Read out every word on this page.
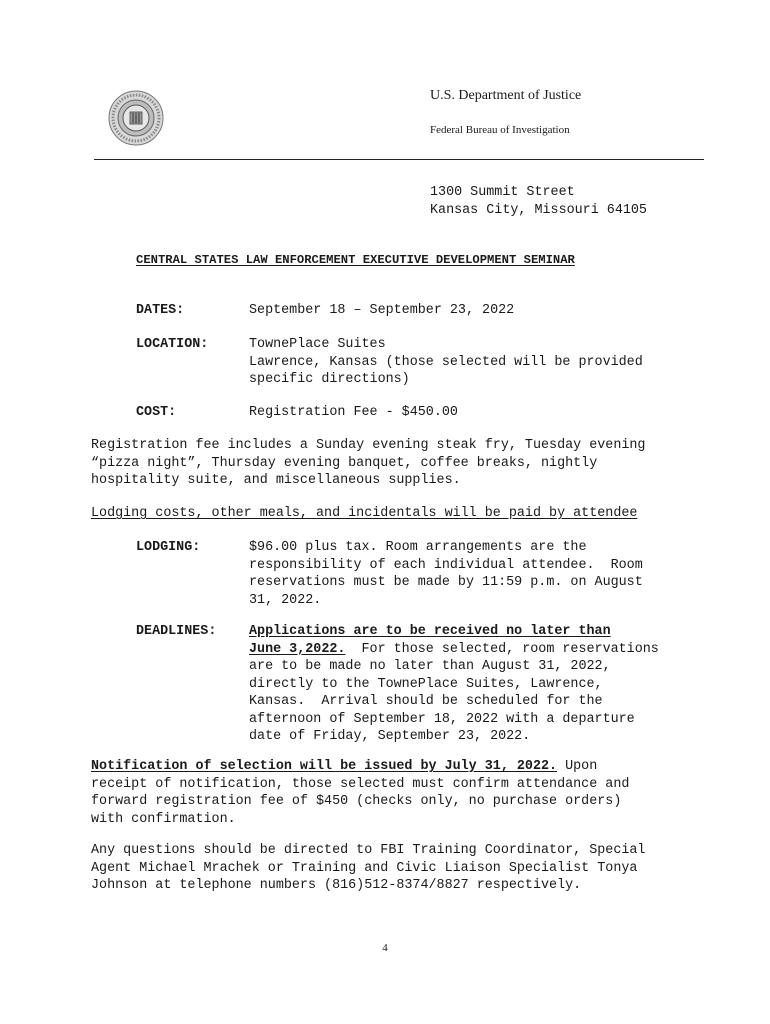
U.S. Department of Justice
Federal Bureau of Investigation
1300 Summit Street
Kansas City, Missouri 64105
CENTRAL STATES LAW ENFORCEMENT EXECUTIVE DEVELOPMENT SEMINAR
DATES:	September 18 – September 23, 2022
LOCATION:	TownePlace Suites
Lawrence, Kansas (those selected will be provided
specific directions)
COST:	Registration Fee - $450.00
Registration fee includes a Sunday evening steak fry, Tuesday evening
“pizza night”, Thursday evening banquet, coffee breaks, nightly
hospitality suite, and miscellaneous supplies.
Lodging costs, other meals, and incidentals will be paid by attendee
LODGING:	$96.00 plus tax. Room arrangements are the
responsibility of each individual attendee.  Room
reservations must be made by 11:59 p.m. on August
31, 2022.
DEADLINES: Applications are to be received no later than
June 3,2022.  For those selected, room reservations
are to be made no later than August 31, 2022,
directly to the TownePlace Suites, Lawrence,
Kansas.  Arrival should be scheduled for the
afternoon of September 18, 2022 with a departure
date of Friday, September 23, 2022.
Notification of selection will be issued by July 31, 2022. Upon
receipt of notification, those selected must confirm attendance and
forward registration fee of $450 (checks only, no purchase orders)
with confirmation.
Any questions should be directed to FBI Training Coordinator, Special
Agent Michael Mrachek or Training and Civic Liaison Specialist Tonya
Johnson at telephone numbers (816)512-8374/8827 respectively.
4
